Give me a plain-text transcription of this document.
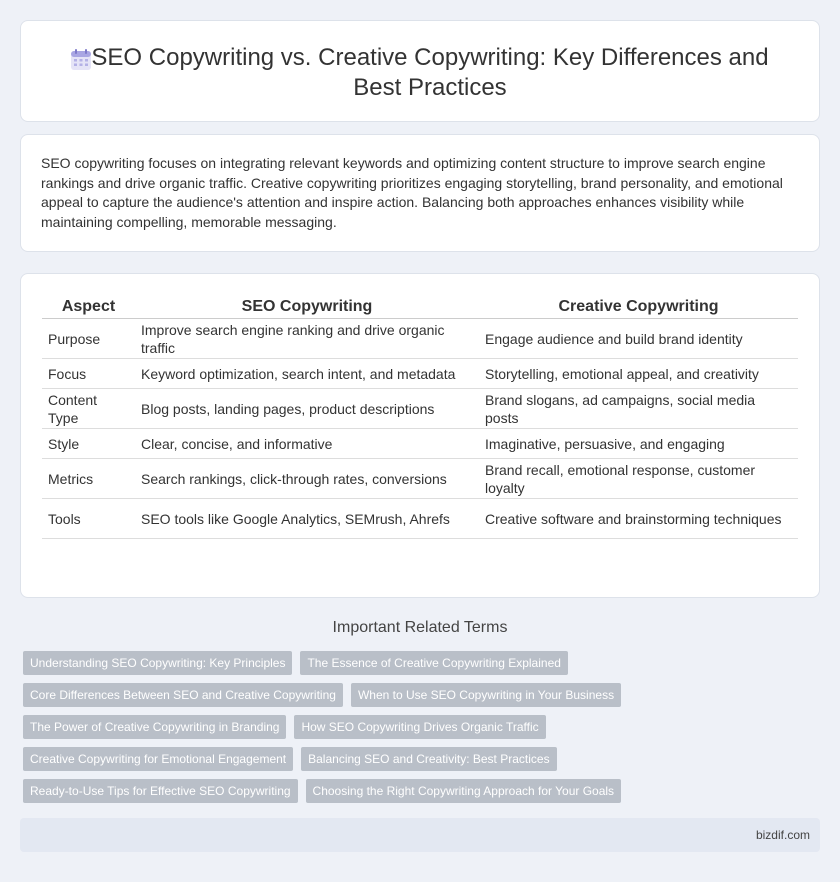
SEO Copywriting vs. Creative Copywriting: Key Differences and Best Practices

SEO copywriting focuses on integrating relevant keywords and optimizing content structure to improve search engine rankings and drive organic traffic. Creative copywriting prioritizes engaging storytelling, brand personality, and emotional appeal to capture the audience's attention and inspire action. Balancing both approaches enhances visibility while maintaining compelling, memorable messaging.

Aspect	SEO Copywriting	Creative Copywriting
Purpose	Improve search engine ranking and drive organic traffic	Engage audience and build brand identity
Focus	Keyword optimization, search intent, and metadata	Storytelling, emotional appeal, and creativity
Content Type	Blog posts, landing pages, product descriptions	Brand slogans, ad campaigns, social media posts
Style	Clear, concise, and informative	Imaginative, persuasive, and engaging
Metrics	Search rankings, click-through rates, conversions	Brand recall, emotional response, customer loyalty
Tools	SEO tools like Google Analytics, SEMrush, Ahrefs	Creative software and brainstorming techniques
Important Related Terms
Understanding SEO Copywriting: Key Principles	The Essence of Creative Copywriting Explained
Core Differences Between SEO and Creative Copywriting	When to Use SEO Copywriting in Your Business
The Power of Creative Copywriting in Branding	How SEO Copywriting Drives Organic Traffic
Creative Copywriting for Emotional Engagement	Balancing SEO and Creativity: Best Practices
Ready-to-Use Tips for Effective SEO Copywriting	Choosing the Right Copywriting Approach for Your Goals
bizdif.com
